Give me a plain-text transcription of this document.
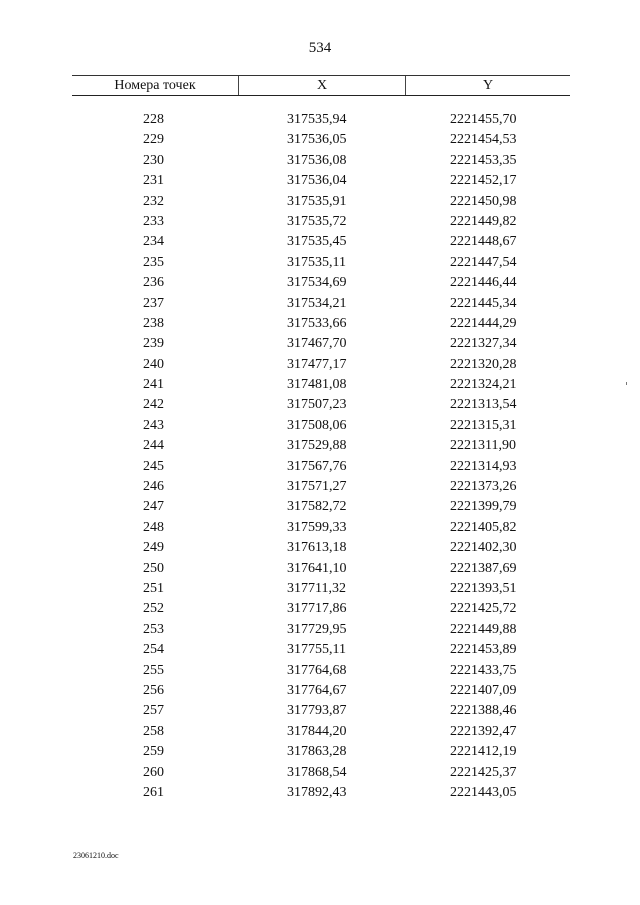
534
Номера точек	X	Y
228	317535,94	2221455,70
229	317536,05	2221454,53
230	317536,08	2221453,35
231	317536,04	2221452,17
232	317535,91	2221450,98
233	317535,72	2221449,82
234	317535,45	2221448,67
235	317535,11	2221447,54
236	317534,69	2221446,44
237	317534,21	2221445,34
238	317533,66	2221444,29
239	317467,70	2221327,34
240	317477,17	2221320,28
241	317481,08	2221324,21
242	317507,23	2221313,54
243	317508,06	2221315,31
244	317529,88	2221311,90
245	317567,76	2221314,93
246	317571,27	2221373,26
247	317582,72	2221399,79
248	317599,33	2221405,82
249	317613,18	2221402,30
250	317641,10	2221387,69
251	317711,32	2221393,51
252	317717,86	2221425,72
253	317729,95	2221449,88
254	317755,11	2221453,89
255	317764,68	2221433,75
256	317764,67	2221407,09
257	317793,87	2221388,46
258	317844,20	2221392,47
259	317863,28	2221412,19
260	317868,54	2221425,37
261	317892,43	2221443,05
23061210.doc
